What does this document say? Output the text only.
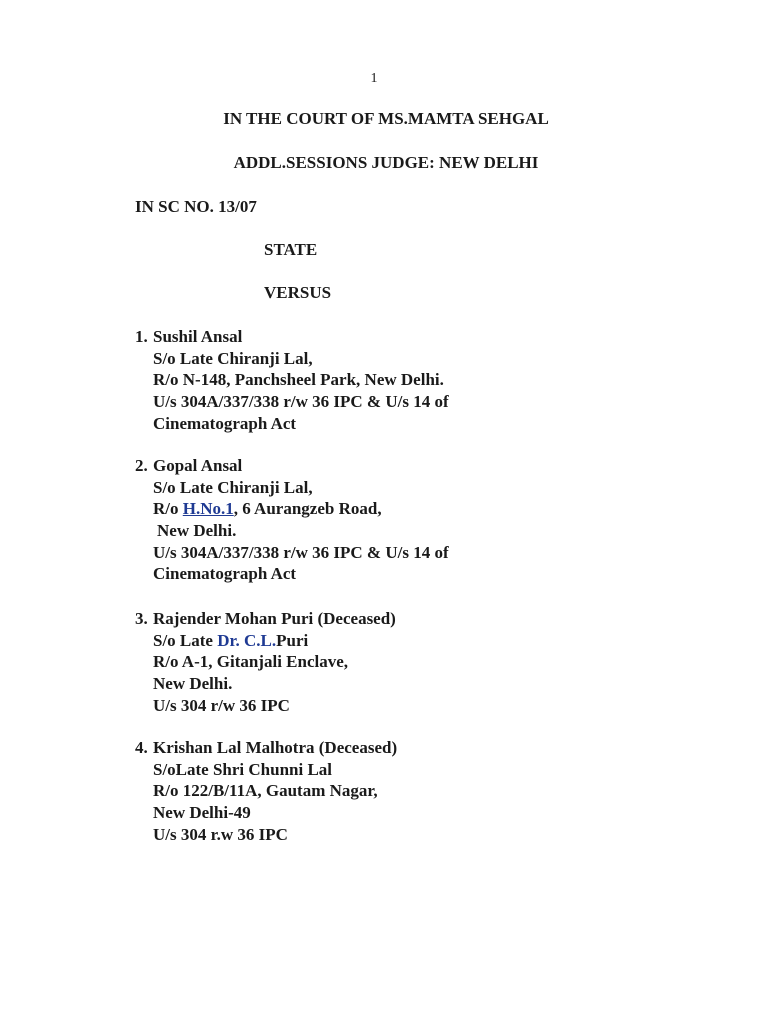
1
IN THE COURT OF MS.MAMTA SEHGAL
ADDL.SESSIONS JUDGE: NEW DELHI
IN SC NO. 13/07
STATE
VERSUS
1. Sushil Ansal
S/o Late Chiranji Lal,
R/o N-148, Panchsheel Park, New Delhi.
U/s 304A/337/338 r/w 36 IPC & U/s 14 of
Cinematograph Act
2. Gopal Ansal
S/o Late Chiranji Lal,
R/o H.No.1, 6 Aurangzeb Road,
New Delhi.
U/s 304A/337/338 r/w 36 IPC & U/s 14 of
Cinematograph Act
3. Rajender Mohan Puri (Deceased)
S/o Late Dr. C.L.Puri
R/o A-1, Gitanjali Enclave,
New Delhi.
U/s 304 r/w 36 IPC
4. Krishan Lal Malhotra (Deceased)
S/oLate Shri Chunni Lal
R/o 122/B/11A, Gautam Nagar,
New Delhi-49
U/s 304 r.w 36 IPC
